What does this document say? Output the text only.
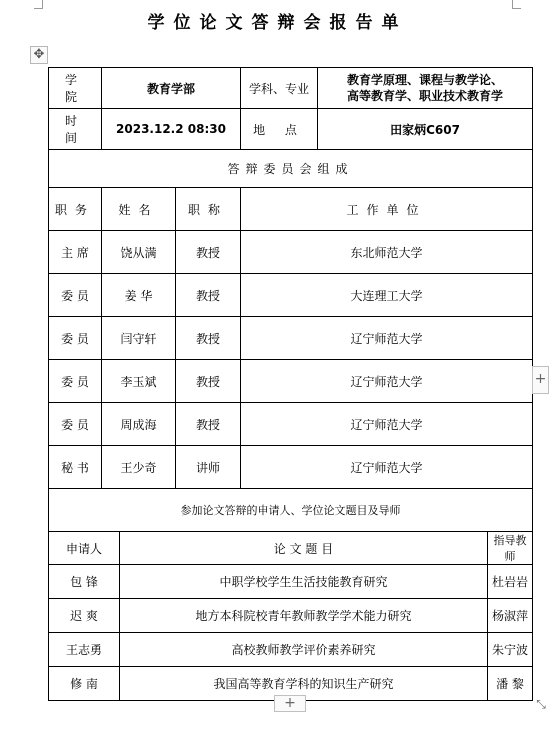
学位论文答辩会报告单
✥
学 院	教育学部			学科、专业	教育学原理、课程与教学论、
高等教育学、职业技术教育学	

时 间	2023.12.2 08:30			地 点	田家炳C607	
答辩委员会组成						
职务	姓名		职称	工作单位		
主 席	饶从满		教授	东北师范大学		
委 员	姜 华		教授	大连理工大学		
委 员	闫守轩		教授	辽宁师范大学		
委 员	李玉斌		教授	辽宁师范大学		
委 员	周成海		教授	辽宁师范大学		
秘 书	王少奇		讲师	辽宁师范大学		
参加论文答辩的申请人、学位论文题目及导师						
申请人		论 文 题 目				指导教师
包 锋		中职学校学生生活技能教育研究				杜岩岩
迟 爽		地方本科院校青年教师教学学术能力研究				杨淑萍
王志勇		高校教师教学评价素养研究				朱宁波
修 南		我国高等教育学科的知识生产研究				潘 黎
+
+	⤡
